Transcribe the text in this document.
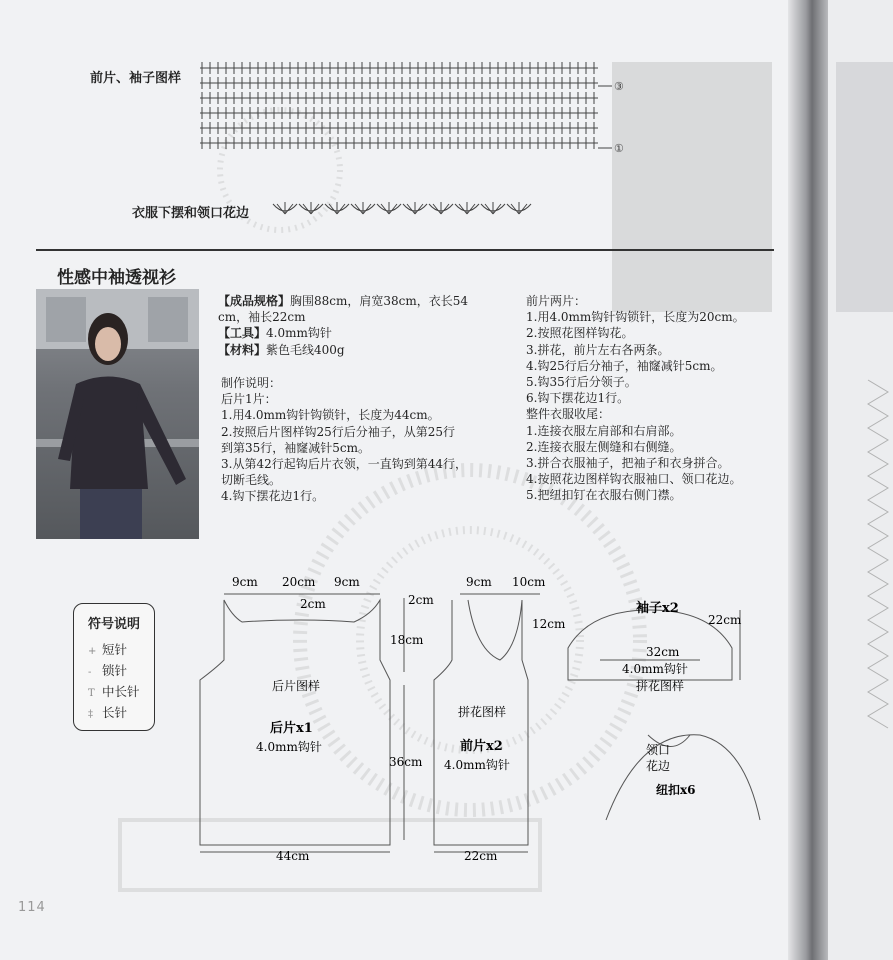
前片、袖子图样
③
①
衣服下摆和领口花边
性感中袖透视衫
【成品规格】胸围88cm，肩宽38cm，衣长54
cm，袖长22cm
【工具】4.0mm钩针
【材料】紫色毛线400g
制作说明：
后片1片：
1.用4.0mm钩针钩锁针，长度为44cm。
2.按照后片图样钩25行后分袖子，从第25行
到第35行，袖窿减针5cm。
3.从第42行起钩后片衣领，一直钩到第44行，
切断毛线。
4.钩下摆花边1行。
前片两片：
1.用4.0mm钩针钩锁针，长度为20cm。
2.按照花图样钩花。
3.拼花，前片左右各两条。
4.钩25行后分袖子，袖窿减针5cm。
5.钩35行后分领子。
6.钩下摆花边1行。
整件衣服收尾：
1.连接衣服左肩部和右肩部。
2.连接衣服左侧缝和右侧缝。
3.拼合衣服袖子，把袖子和衣身拼合。
4.按照花边图样钩衣服袖口、领口花边。
5.把纽扣钉在衣服右侧门襟。
符号说明
+ 短针
- 锁针
T 中长针
‡ 长针
9cm 20cm 9cm
2cm	2cm
18cm
36cm
44cm
后片图样
后片x1
4.0mm钩针
9cm 10cm
12cm
拼花图样
前片x2
4.0mm钩针
22cm
袖子x2
22cm
32cm
4.0mm钩针
拼花图样
领口
花边
纽扣x6
114
